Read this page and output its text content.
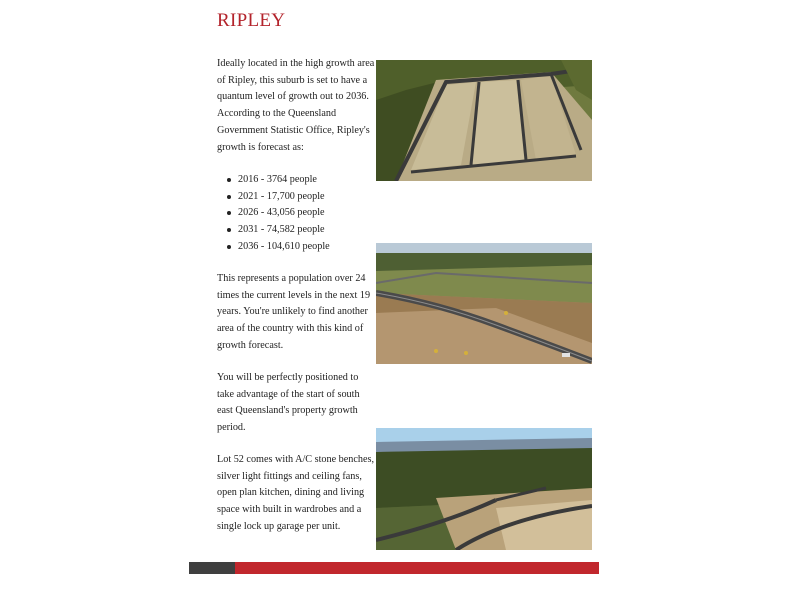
RIPLEY
Ideally located in the high growth area of Ripley, this suburb is set to have a quantum level of growth out to 2036. According to the Queensland Government Statistic Office, Ripley's growth is forecast as:
2016 - 3764 people
2021 - 17,700 people
2026 - 43,056 people
2031 - 74,582 people
2036 - 104,610 people
This represents a population over 24 times the current levels in the next 19 years. You're unlikely to find another area of the country with this kind of growth forecast.
You will be perfectly positioned to take advantage of the start of south east Queensland's property growth period.
Lot 52 comes with A/C stone benches, silver light fittings and ceiling fans, open plan kitchen, dining and living space with built in wardrobes and a single lock up garage per unit.
